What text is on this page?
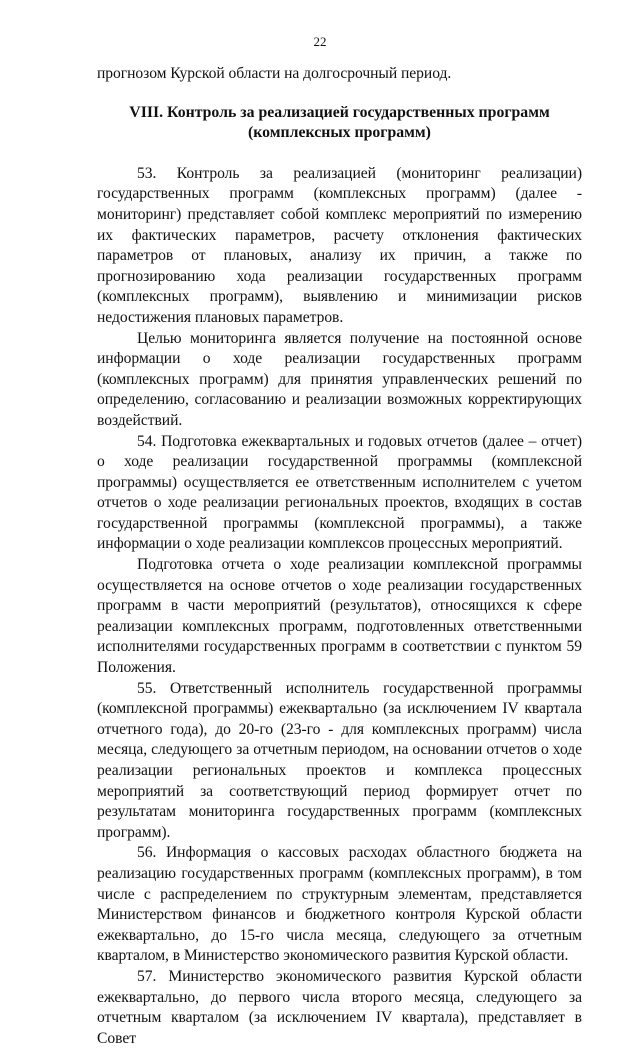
22

прогнозом Курской области на долгосрочный период.

VIII. Контроль за реализацией государственных программ
(комплексных программ)

53. Контроль за реализацией (мониторинг реализации) государственных программ (комплексных программ) (далее - мониторинг) представляет собой комплекс мероприятий по измерению их фактических параметров, расчету отклонения фактических параметров от плановых, анализу их причин, а также по прогнозированию хода реализации государственных программ (комплексных программ), выявлению и минимизации рисков недостижения плановых параметров.

Целью мониторинга является получение на постоянной основе информации о ходе реализации государственных программ (комплексных программ) для принятия управленческих решений по определению, согласованию и реализации возможных корректирующих воздействий.

54. Подготовка ежеквартальных и годовых отчетов (далее – отчет) о ходе реализации государственной программы (комплексной программы) осуществляется ее ответственным исполнителем с учетом отчетов о ходе реализации региональных проектов, входящих в состав государственной программы (комплексной программы), а также информации о ходе реализации комплексов процессных мероприятий.

Подготовка отчета о ходе реализации комплексной программы осуществляется на основе отчетов о ходе реализации государственных программ в части мероприятий (результатов), относящихся к сфере реализации комплексных программ, подготовленных ответственными исполнителями государственных программ в соответствии с пунктом 59 Положения.

55. Ответственный исполнитель государственной программы (комплексной программы) ежеквартально (за исключением IV квартала отчетного года), до 20-го (23-го - для комплексных программ) числа месяца, следующего за отчетным периодом, на основании отчетов о ходе реализации региональных проектов и комплекса процессных мероприятий за соответствующий период формирует отчет по результатам мониторинга государственных программ (комплексных программ).

56. Информация о кассовых расходах областного бюджета на реализацию государственных программ (комплексных программ), в том числе с распределением по структурным элементам, представляется Министерством финансов и бюджетного контроля Курской области ежеквартально, до 15-го числа месяца, следующего за отчетным кварталом, в Министерство экономического развития Курской области.

57. Министерство экономического развития Курской области ежеквартально, до первого числа второго месяца, следующего за отчетным кварталом (за исключением IV квартала), представляет в Совет
